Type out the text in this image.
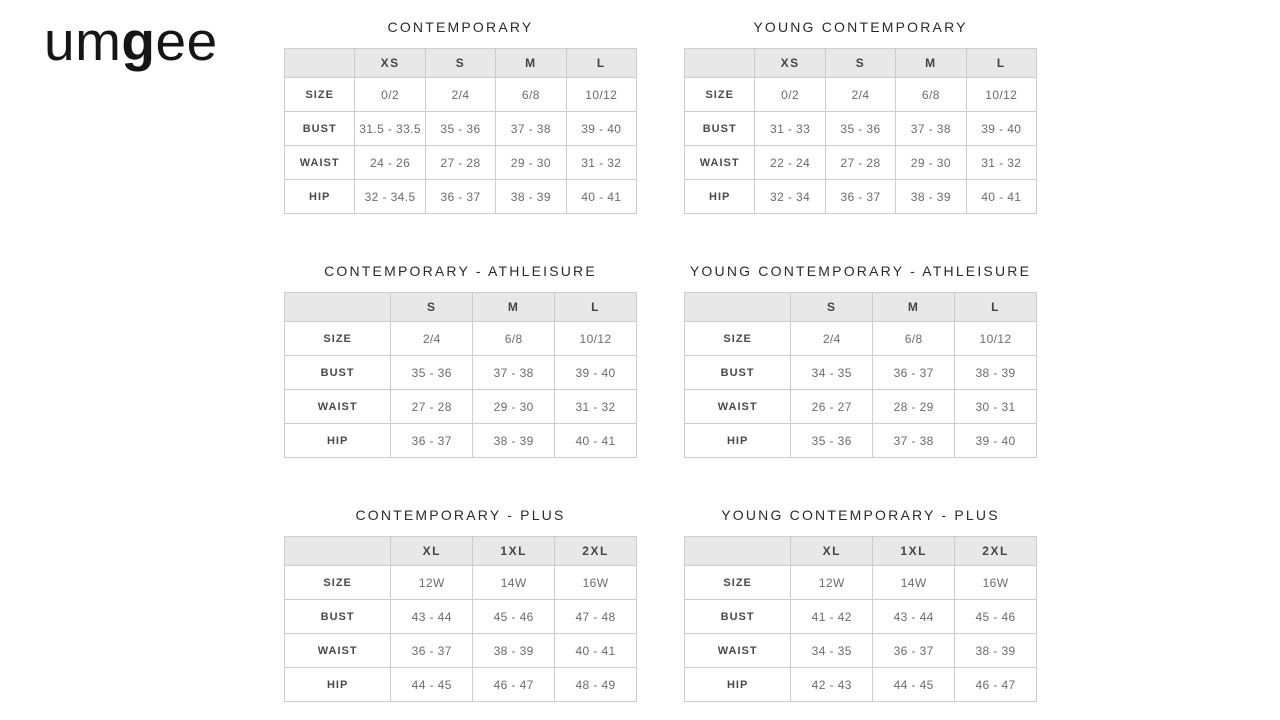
umgee	CONTEMPORARY
	XS	S	M	L
SIZE	0/2	2/4	6/8	10/12
BUST	31.5 - 33.5	35 - 36	37 - 38	39 - 40
WAIST	24 - 26	27 - 28	29 - 30	31 - 32
HIP	32 - 34.5	36 - 37	38 - 39	40 - 41
YOUNG CONTEMPORARY
	XS	S	M	L
SIZE	0/2	2/4	6/8	10/12
BUST	31 - 33	35 - 36	37 - 38	39 - 40
WAIST	22 - 24	27 - 28	29 - 30	31 - 32
HIP	32 - 34	36 - 37	38 - 39	40 - 41
CONTEMPORARY - ATHLEISURE
	S	M	L
SIZE	2/4	6/8	10/12
BUST	35 - 36	37 - 38	39 - 40
WAIST	27 - 28	29 - 30	31 - 32
HIP	36 - 37	38 - 39	40 - 41
YOUNG CONTEMPORARY - ATHLEISURE
	S	M	L
SIZE	2/4	6/8	10/12
BUST	34 - 35	36 - 37	38 - 39
WAIST	26 - 27	28 - 29	30 - 31
HIP	35 - 36	37 - 38	39 - 40
CONTEMPORARY - PLUS
	XL	1XL	2XL
SIZE	12W	14W	16W
BUST	43 - 44	45 - 46	47 - 48
WAIST	36 - 37	38 - 39	40 - 41
HIP	44 - 45	46 - 47	48 - 49
YOUNG CONTEMPORARY - PLUS
	XL	1XL	2XL
SIZE	12W	14W	16W
BUST	41 - 42	43 - 44	45 - 46
WAIST	34 - 35	36 - 37	38 - 39
HIP	42 - 43	44 - 45	46 - 47
